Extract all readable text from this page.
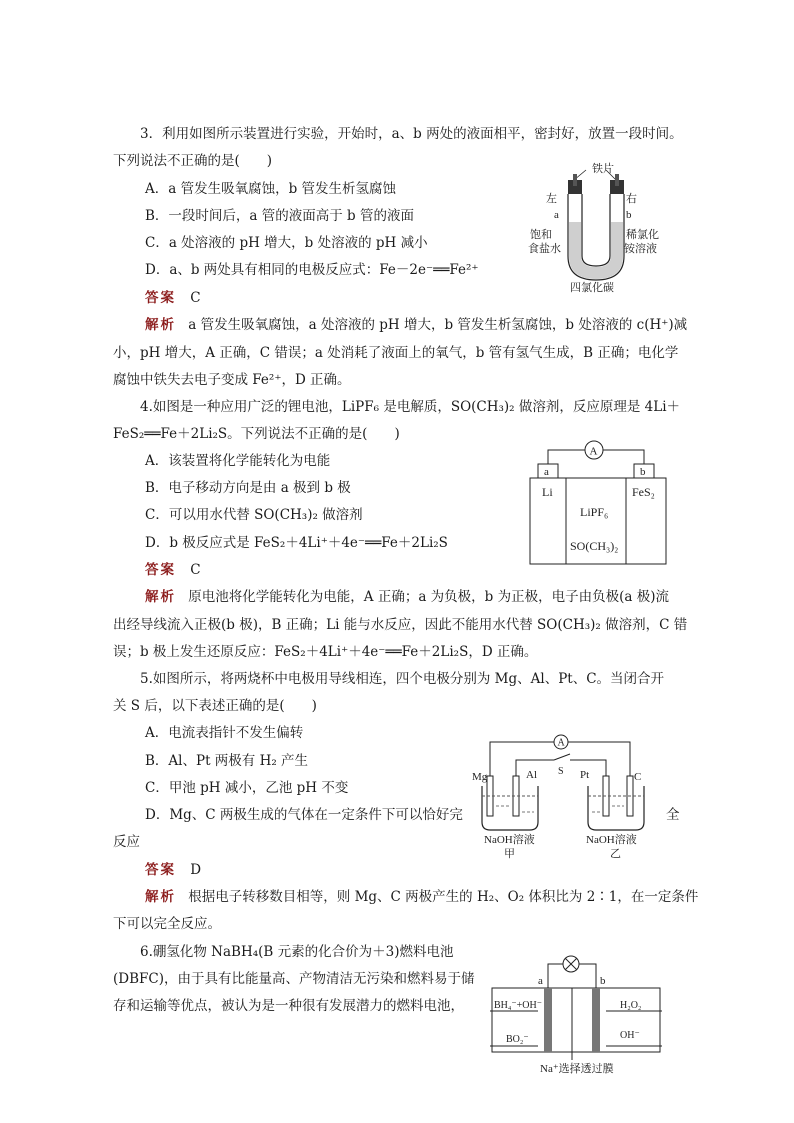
3．利用如图所示装置进行实验，开始时，a、b 两处的液面相平，密封好，放置一段时间。
下列说法不正确的是(　　)
A．a 管发生吸氧腐蚀，b 管发生析氢腐蚀
B．一段时间后，a 管的液面高于 b 管的液面
C．a 处溶液的 pH 增大，b 处溶液的 pH 减小
D．a、b 两处具有相同的电极反应式：Fe－2e⁻══Fe²⁺
答案 C
解析 a 管发生吸氧腐蚀，a 处溶液的 pH 增大，b 管发生析氢腐蚀，b 处溶液的 c(H⁺)减
小，pH 增大，A 正确，C 错误；a 处消耗了液面上的氧气，b 管有氢气生成，B 正确；电化学
腐蚀中铁失去电子变成 Fe²⁺，D 正确。
铁片
左	右
a	b
饱和
食盐水
稀氯化
铵溶液
四氯化碳
4.如图是一种应用广泛的锂电池，LiPF₆ 是电解质，SO(CH₃)₂ 做溶剂，反应原理是 4Li＋
FeS₂══Fe＋2Li₂S。下列说法不正确的是(　　)
A．该装置将化学能转化为电能
B．电子移动方向是由 a 极到 b 极
C．可以用水代替 SO(CH₃)₂ 做溶剂
D．b 极反应式是 FeS₂＋4Li⁺＋4e⁻══Fe＋2Li₂S
答案 C
解析 原电池将化学能转化为电能，A 正确；a 为负极，b 为正极，电子由负极(a 极)流
出经导线流入正极(b 极)，B 正确；Li 能与水反应，因此不能用水代替 SO(CH₃)₂ 做溶剂，C 错
误；b 极上发生还原反应：FeS₂＋4Li⁺＋4e⁻══Fe＋2Li₂S，D 正确。
A
a	b
Li	FeS₂
LiPF₆
SO(CH₃)₂
5.如图所示，将两烧杯中电极用导线相连，四个电极分别为 Mg、Al、Pt、C。当闭合开
关 S 后，以下表述正确的是(　　)
A．电流表指针不发生偏转
B．Al、Pt 两极有 H₂ 产生
C．甲池 pH 减小，乙池 pH 不变
D．Mg、C 两极生成的气体在一定条件下可以恰好完	全
反应
答案 D
解析 根据电子转移数目相等，则 Mg、C 两极产生的 H₂、O₂ 体积比为 2∶1，在一定条件
下可以完全反应。
A
S
Mg	Al	Pt	C
NaOH溶液
甲
NaOH溶液
乙
6.硼氢化物 NaBH₄(B 元素的化合价为＋3)燃料电池
(DBFC)，由于具有比能量高、产物清洁无污染和燃料易于储
存和运输等优点，被认为是一种很有发展潜力的燃料电池，
a	b
BH₄⁻+OH⁻
BO₂⁻
H₂O₂
OH⁻
Na⁺选择透过膜
